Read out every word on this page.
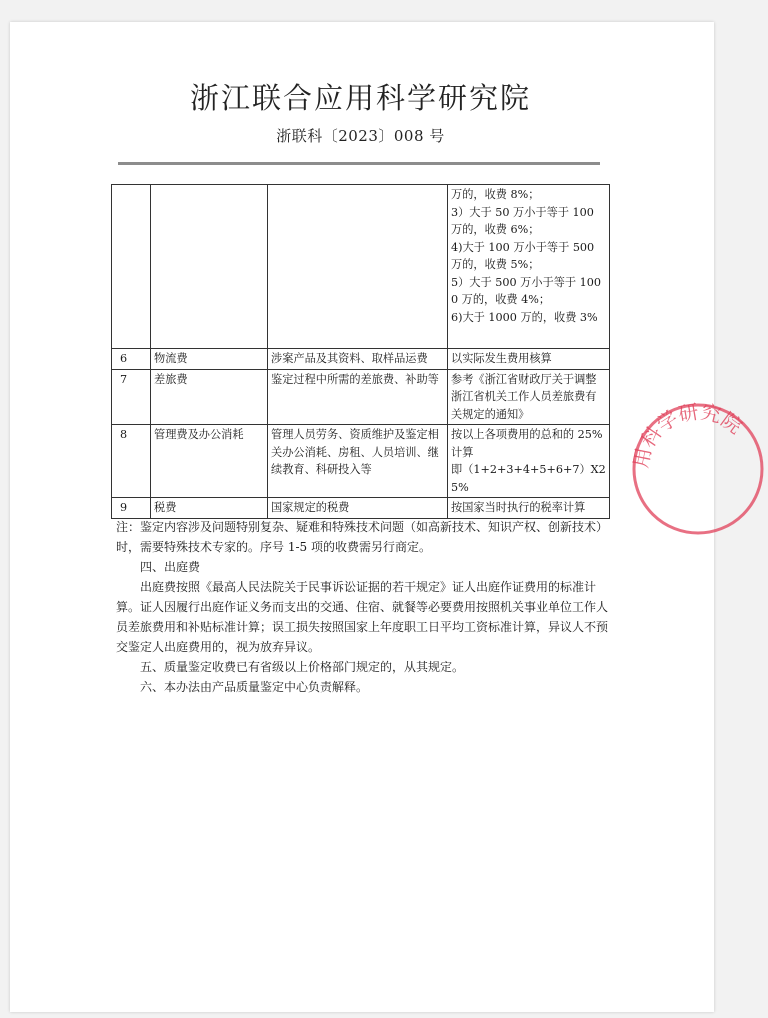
浙江联合应用科学研究院
浙联科〔2023〕008 号

			万的，收费 8%；
3）大于 50 万小于等于 100 万的，收费 6%；
4)大于 100 万小于等于 500 万的，收费 5%；
5）大于 500 万小于等于 1000 万的，收费 4%；
6)大于 1000 万的，收费 3%

6	物流费	涉案产品及其资料、取样品运费	以实际发生费用核算

7	差旅费	鉴定过程中所需的差旅费、补助等	参考《浙江省财政厅关于调整浙江省机关工作人员差旅费有关规定的通知》

8	管理费及办公消耗	管理人员劳务、资质维护及鉴定相关办公消耗、房租、人员培训、继续教育、科研投入等	按以上各项费用的总和的 25%计算
即（1+2+3+4+5+6+7）X25%

9	税费	国家规定的税费	按国家当时执行的税率计算
注：鉴定内容涉及问题特别复杂、疑难和特殊技术问题（如高新技术、知识产权、创新技术）时，需要特殊技术专家的。序号 1-5 项的收费需另行商定。
四、出庭费
出庭费按照《最高人民法院关于民事诉讼证据的若干规定》证人出庭作证费用的标准计算。证人因履行出庭作证义务而支出的交通、住宿、就餐等必要费用按照机关事业单位工作人员差旅费用和补贴标准计算；误工损失按照国家上年度职工日平均工资标准计算，异议人不预交鉴定人出庭费用的，视为放弃异议。
五、质量鉴定收费已有省级以上价格部门规定的，从其规定。
六、本办法由产品质量鉴定中心负责解释。
用科学研究院
